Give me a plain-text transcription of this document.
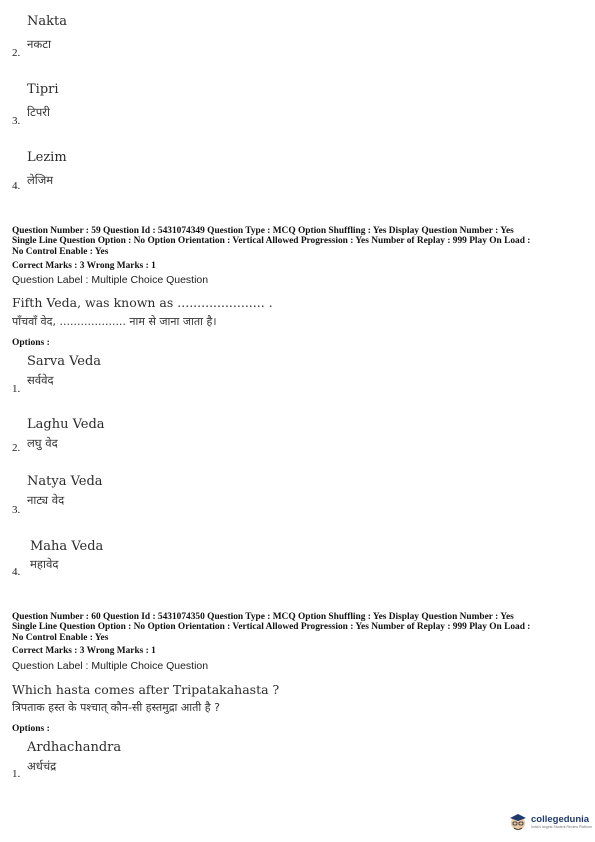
Nakta
2.
नकटा
Tipri
3.
टिपरी
Lezim
4. लेजिम
Question Number : 59 Question Id : 5431074349 Question Type : MCQ Option Shuffling : Yes Display Question Number : Yes
Single Line Question Option : No Option Orientation : Vertical Allowed Progression : Yes Number of Replay : 999 Play On Load :
No Control Enable : Yes
Correct Marks : 3 Wrong Marks : 1
Question Label : Multiple Choice Question
Fifth Veda, was known as ...................... .
पाँचवाँ वेद, ................... नाम से जाना जाता है।
Options :
Sarva Veda
सर्ववेद
1.
Laghu Veda
लघु वेद
2.
Natya Veda
नाट्य वेद
3.
Maha Veda
महावेद
4.
Question Number : 60 Question Id : 5431074350 Question Type : MCQ Option Shuffling : Yes Display Question Number : Yes
Single Line Question Option : No Option Orientation : Vertical Allowed Progression : Yes Number of Replay : 999 Play On Load :
No Control Enable : Yes
Correct Marks : 3 Wrong Marks : 1
Question Label : Multiple Choice Question
Which hasta comes after Tripatakahasta ?
त्रिपताक हस्त के पश्चात् कौन-सी हस्तमुद्रा आती है ?
Options :
Ardhachandra
अर्धचंद्र
1.
collegedunia
India's largest Student Review Platform
